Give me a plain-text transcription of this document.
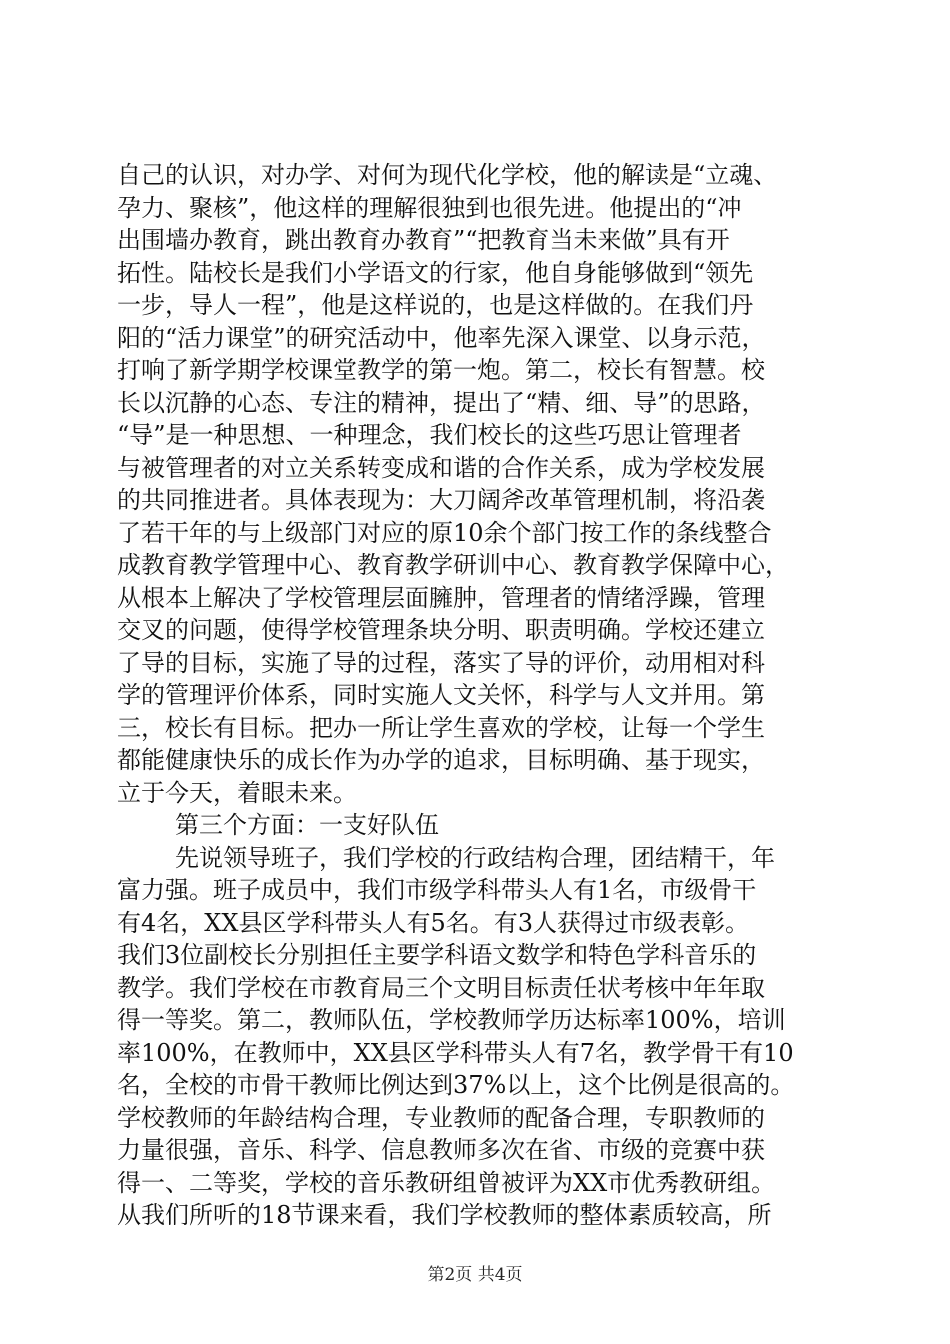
自己的认识，对办学、对何为现代化学校，他的解读是“立魂、
孕力、聚核”，他这样的理解很独到也很先进。他提出的“冲
出围墙办教育，跳出教育办教育”“把教育当未来做”具有开
拓性。陆校长是我们小学语文的行家，他自身能够做到“领先
一步，导人一程”，他是这样说的，也是这样做的。在我们丹
阳的“活力课堂”的研究活动中，他率先深入课堂、以身示范，
打响了新学期学校课堂教学的第一炮。第二，校长有智慧。校
长以沉静的心态、专注的精神，提出了“精、细、导”的思路，
“导”是一种思想、一种理念，我们校长的这些巧思让管理者
与被管理者的对立关系转变成和谐的合作关系，成为学校发展
的共同推进者。具体表现为：大刀阔斧改革管理机制，将沿袭
了若干年的与上级部门对应的原10余个部门按工作的条线整合
成教育教学管理中心、教育教学研训中心、教育教学保障中心，
从根本上解决了学校管理层面臃肿，管理者的情绪浮躁，管理
交叉的问题，使得学校管理条块分明、职责明确。学校还建立
了导的目标，实施了导的过程，落实了导的评价，动用相对科
学的管理评价体系，同时实施人文关怀，科学与人文并用。第
三，校长有目标。把办一所让学生喜欢的学校，让每一个学生
都能健康快乐的成长作为办学的追求，目标明确、基于现实，
立于今天，着眼未来。
第三个方面：一支好队伍
先说领导班子，我们学校的行政结构合理，团结精干，年
富力强。班子成员中，我们市级学科带头人有1名，市级骨干
有4名，XX县区学科带头人有5名。有3人获得过市级表彰。
我们3位副校长分别担任主要学科语文数学和特色学科音乐的
教学。我们学校在市教育局三个文明目标责任状考核中年年取
得一等奖。第二，教师队伍，学校教师学历达标率100%，培训
率100%，在教师中，XX县区学科带头人有7名，教学骨干有10
名，全校的市骨干教师比例达到37%以上，这个比例是很高的。
学校教师的年龄结构合理，专业教师的配备合理，专职教师的
力量很强，音乐、科学、信息教师多次在省、市级的竞赛中获
得一、二等奖，学校的音乐教研组曾被评为XX市优秀教研组。
从我们所听的18节课来看，我们学校教师的整体素质较高，所
第2页 共4页
